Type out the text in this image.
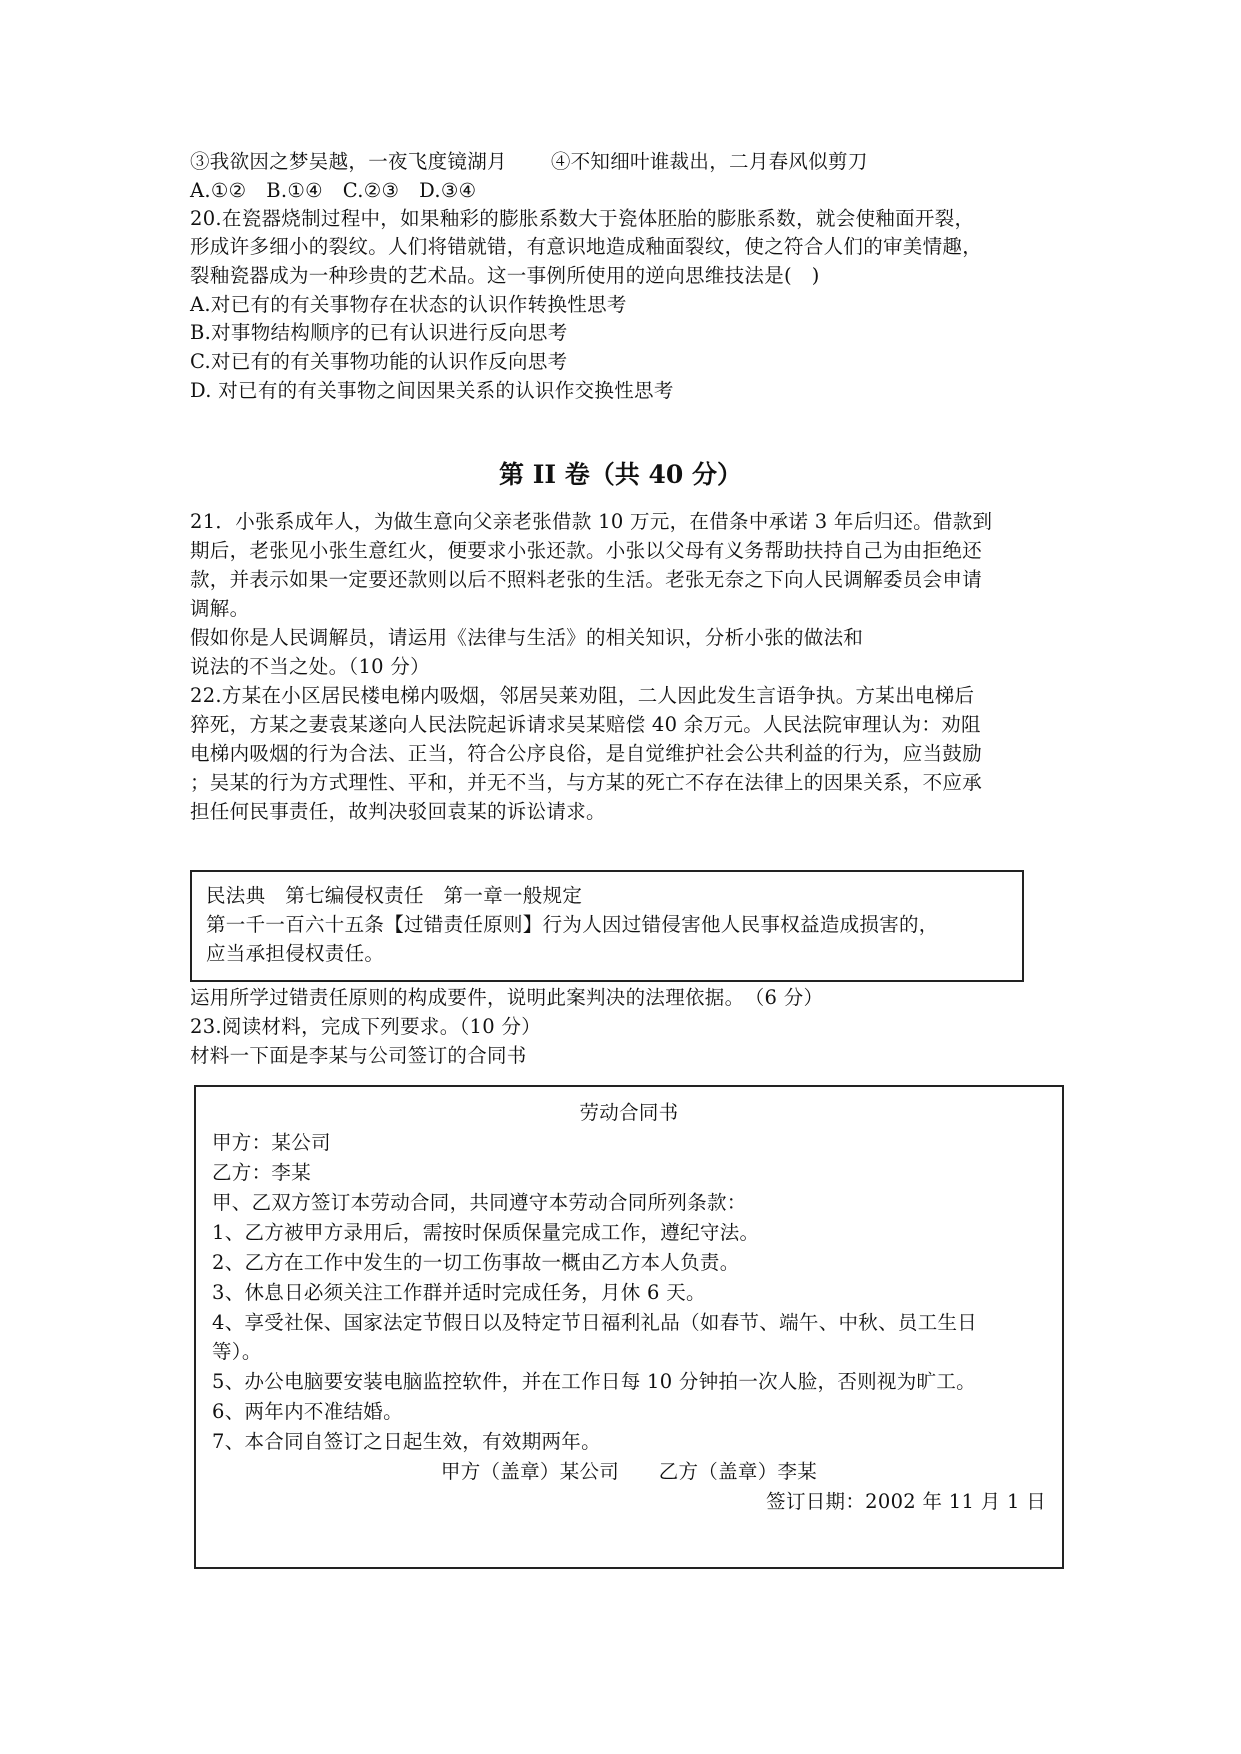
③我欲因之梦吴越，一夜飞度镜湖月 ④不知细叶谁裁出，二月春风似剪刀
A.①②　B.①④　C.②③　D.③④
20.在瓷器烧制过程中，如果釉彩的膨胀系数大于瓷体胚胎的膨胀系数，就会使釉面开裂，
形成许多细小的裂纹。人们将错就错，有意识地造成釉面裂纹，使之符合人们的审美情趣，
裂釉瓷器成为一种珍贵的艺术品。这一事例所使用的逆向思维技法是(　)
A.对已有的有关事物存在状态的认识作转换性思考
B.对事物结构顺序的已有认识进行反向思考
C.对已有的有关事物功能的认识作反向思考
D. 对已有的有关事物之间因果关系的认识作交换性思考
第 II 卷（共 40 分）
21．小张系成年人，为做生意向父亲老张借款 10 万元，在借条中承诺 3 年后归还。借款到
期后，老张见小张生意红火，便要求小张还款。小张以父母有义务帮助扶持自己为由拒绝还
款，并表示如果一定要还款则以后不照料老张的生活。老张无奈之下向人民调解委员会申请
调解。
假如你是人民调解员，请运用《法律与生活》的相关知识，分析小张的做法和
说法的不当之处。（10 分）
22.方某在小区居民楼电梯内吸烟，邻居吴莱劝阻，二人因此发生言语争执。方某出电梯后
猝死，方某之妻袁某遂向人民法院起诉请求吴某赔偿 40 余万元。人民法院审理认为：劝阻
电梯内吸烟的行为合法、正当，符合公序良俗，是自觉维护社会公共利益的行为，应当鼓励
；吴某的行为方式理性、平和，并无不当，与方某的死亡不存在法律上的因果关系，不应承
担任何民事责任，故判决驳回袁某的诉讼请求。
民法典　第七编侵权责任　第一章一般规定
第一千一百六十五条【过错责任原则】行为人因过错侵害他人民事权益造成损害的，
应当承担侵权责任。
运用所学过错责任原则的构成要件，说明此案判决的法理依据。　（6 分）
23.阅读材料，完成下列要求。（10 分）
材料一下面是李某与公司签订的合同书
劳动合同书
甲方：某公司
乙方：李某
甲、乙双方签订本劳动合同，共同遵守本劳动合同所列条款：
1、乙方被甲方录用后，需按时保质保量完成工作，遵纪守法。
2、乙方在工作中发生的一切工伤事故一概由乙方本人负责。
3、休息日必须关注工作群并适时完成任务，月休 6 天。
4、享受社保、国家法定节假日以及特定节日福利礼品（如春节、端午、中秋、员工生日
等）。
5、办公电脑要安装电脑监控软件，并在工作日每 10 分钟拍一次人脸，否则视为旷工。
6、两年内不准结婚。
7、本合同自签订之日起生效，有效期两年。
甲方（盖章）某公司　　乙方（盖章）李某
签订日期：2002 年 11 月 1 日
